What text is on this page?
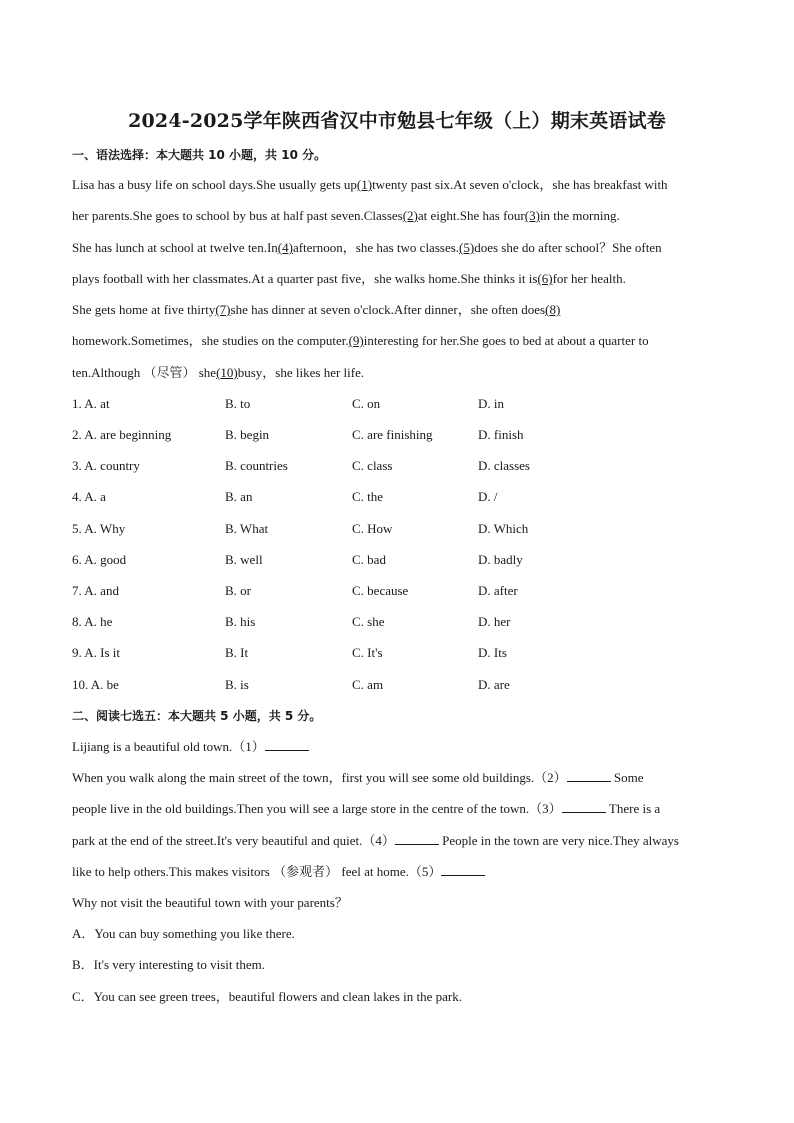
2024-2025学年陕西省汉中市勉县七年级（上）期末英语试卷
一、语法选择：本大题共 10 小题，共 10 分。
Lisa has a busy life on school days.She usually gets up(1)twenty past six.At seven o'clock，she has breakfast with
her parents.She goes to school by bus at half past seven.Classes(2)at eight.She has four(3)in the morning.
She has lunch at school at twelve ten.In(4)afternoon，she has two classes.(5)does she do after school？She often
plays football with her classmates.At a quarter past five，she walks home.She thinks it is(6)for her health.
She gets home at five thirty(7)she has dinner at seven o'clock.After dinner，she often does(8)
homework.Sometimes，she studies on the computer.(9)interesting for her.She goes to bed at about a quarter to
ten.Although （尽管） she(10)busy，she likes her life.
1. A. at	B. to	C. on	D. in
2. A. are beginning	B. begin	C. are finishing	D. finish
3. A. country	B. countries	C. class	D. classes
4. A. a	B. an	C. the	D. /
5. A. Why	B. What	C. How	D. Which
6. A. good	B. well	C. bad	D. badly
7. A. and	B. or	C. because	D. after
8. A. he	B. his	C. she	D. her
9. A. Is it	B. It	C. It's	D. Its
10. A. be	B. is	C. am	D. are
二、阅读七选五：本大题共 5 小题，共 5 分。
Lijiang is a beautiful old town.（1）
When you walk along the main street of the town，first you will see some old buildings.（2）	Some
people live in the old buildings.Then you will see a large store in the centre of the town.（3）	There is a
park at the end of the street.It's very beautiful and quiet.（4）	People in the town are very nice.They always
like to help others.This makes visitors （参观者） feel at home.（5）
Why not visit the beautiful town with your parents？
A．You can buy something you like there.
B．It's very interesting to visit them.
C．You can see green trees，beautiful flowers and clean lakes in the park.
